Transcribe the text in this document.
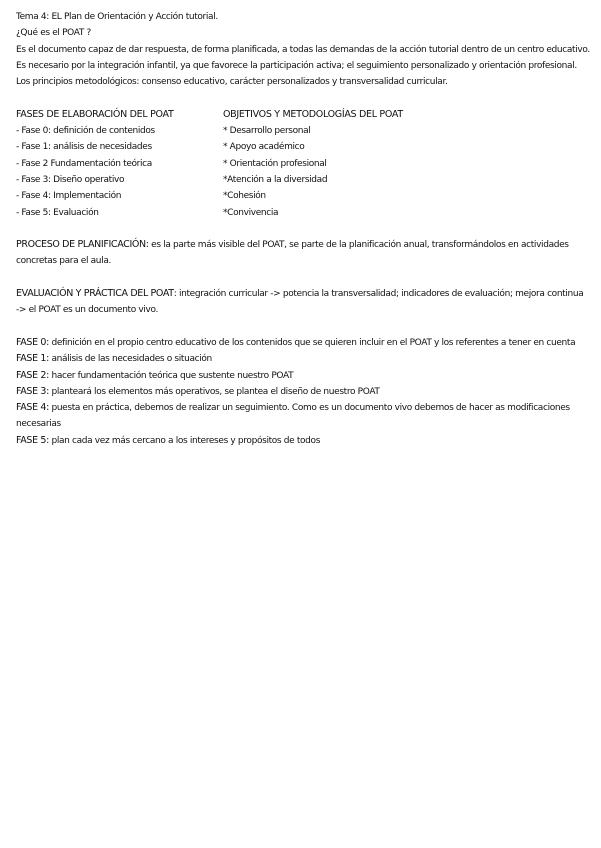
Tema 4: EL Plan de Orientación y Acción tutorial.
¿Qué es el POAT ?
Es el documento capaz de dar respuesta, de forma planificada, a todas las demandas de la acción tutorial dentro de un centro educativo.
Es necesario por la integración infantil, ya que favorece la participación activa; el seguimiento personalizado y orientación profesional.
Los principios metodológicos: consenso educativo, carácter personalizados y transversalidad curricular.
FASES DE ELABORACIÓN DEL POAT
- Fase 0: definición de contenidos
- Fase 1: análisis de necesidades
- Fase 2 Fundamentación teórica
- Fase 3: Diseño operativo
- Fase 4: Implementación
- Fase 5: Evaluación
OBJETIVOS Y METODOLOGÍAS DEL POAT
* Desarrollo personal
* Apoyo académico
* Orientación profesional
*Atención a la diversidad
*Cohesión
*Convivencia
PROCESO DE PLANIFICACIÓN: es la parte más visible del POAT, se parte de la planificación anual, transformándolos en actividades concretas para el aula.
EVALUACIÓN Y PRÁCTICA DEL POAT: integración curricular -> potencia la transversalidad; indicadores de evaluación; mejora continua -> el POAT es un documento vivo.
FASE 0: definición en el propio centro educativo de los contenidos que se quieren incluir en el POAT y los referentes a tener en cuenta
FASE 1: análisis de las necesidades o situación
FASE 2: hacer fundamentación teórica que sustente nuestro POAT
FASE 3: planteará los elementos más operativos, se plantea el diseño de nuestro POAT
FASE 4: puesta en práctica, debemos de realizar un seguimiento. Como es un documento vivo debemos de hacer as modificaciones necesarias
FASE 5: plan cada vez más cercano a los intereses y propósitos de todos
